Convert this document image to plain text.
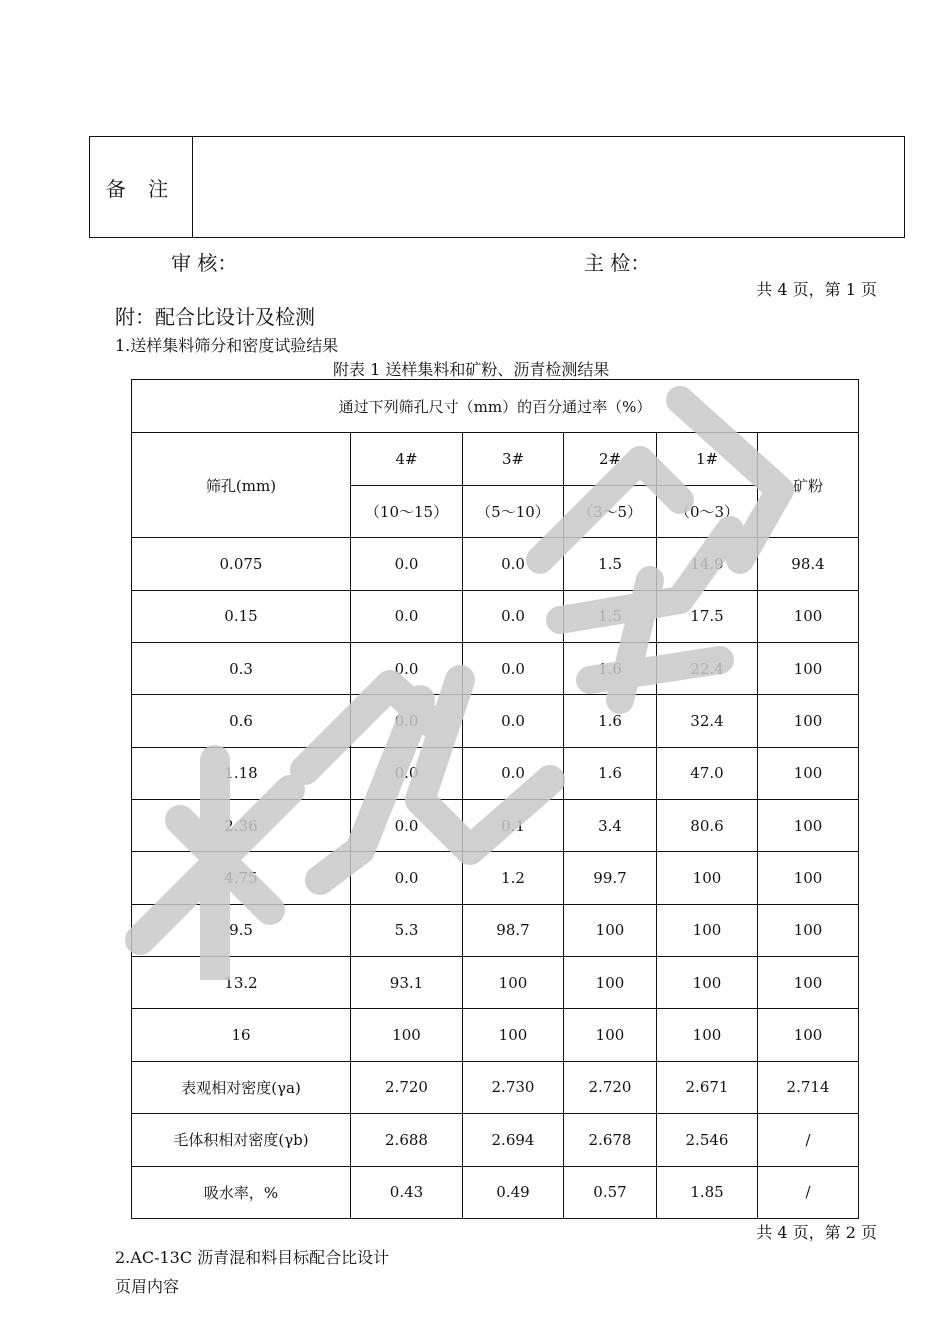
备 注
审 核：	主 检：
共 4 页，第 1 页
附：配合比设计及检测
1.送样集料筛分和密度试验结果
附表 1 送样集料和矿粉、沥青检测结果
通过下列筛孔尺寸（mm）的百分通过率（%）					
筛孔(mm)	4#	3#	2#	1#	矿粉
	（10～15）	（5～10）	（3～5）	（0～3）	
0.075	0.0	0.0	1.5	14.9	98.4
0.15	0.0	0.0	1.5	17.5	100
0.3	0.0	0.0	1.6	22.4	100
0.6	0.0	0.0	1.6	32.4	100
1.18	0.0	0.0	1.6	47.0	100
2.36	0.0	0.1	3.4	80.6	100
4.75	0.0	1.2	99.7	100	100
9.5	5.3	98.7	100	100	100
13.2	93.1	100	100	100	100
16	100	100	100	100	100
表观相对密度(γa)	2.720	2.730	2.720	2.671	2.714
毛体积相对密度(γb)	2.688	2.694	2.678	2.546	/
吸水率，%	0.43	0.49	0.57	1.85	/
共 4 页，第 2 页
2.AC-13C 沥青混和料目标配合比设计
页眉内容
